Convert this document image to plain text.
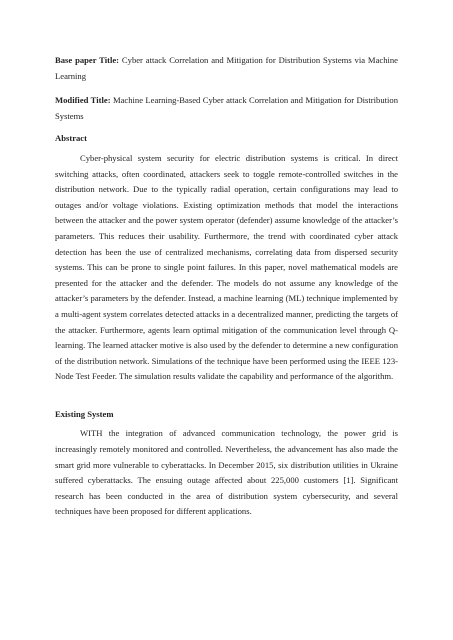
Base paper Title: Cyber attack Correlation and Mitigation for Distribution Systems via Machine Learning

Modified Title: Machine Learning-Based Cyber attack Correlation and Mitigation for Distribution Systems

Abstract

Cyber-physical system security for electric distribution systems is critical. In direct switching attacks, often coordinated, attackers seek to toggle remote-controlled switches in the distribution network. Due to the typically radial operation, certain configurations may lead to outages and/or voltage violations. Existing optimization methods that model the interactions between the attacker and the power system operator (defender) assume knowledge of the attacker’s parameters. This reduces their usability. Furthermore, the trend with coordinated cyber attack detection has been the use of centralized mechanisms, correlating data from dispersed security systems. This can be prone to single point failures. In this paper, novel mathematical models are presented for the attacker and the defender. The models do not assume any knowledge of the attacker’s parameters by the defender. Instead, a machine learning (ML) technique implemented by a multi-agent system correlates detected attacks in a decentralized manner, predicting the targets of the attacker. Furthermore, agents learn optimal mitigation of the communication level through Q-learning. The learned attacker motive is also used by the defender to determine a new configuration of the distribution network. Simulations of the technique have been performed using the IEEE 123-Node Test Feeder. The simulation results validate the capability and performance of the algorithm.

Existing System

WITH the integration of advanced communication technology, the power grid is increasingly remotely monitored and controlled. Nevertheless, the advancement has also made the smart grid more vulnerable to cyberattacks. In December 2015, six distribution utilities in Ukraine suffered cyberattacks. The ensuing outage affected about 225,000 customers [1]. Significant research has been conducted in the area of distribution system cybersecurity, and several techniques have been proposed for different applications.
